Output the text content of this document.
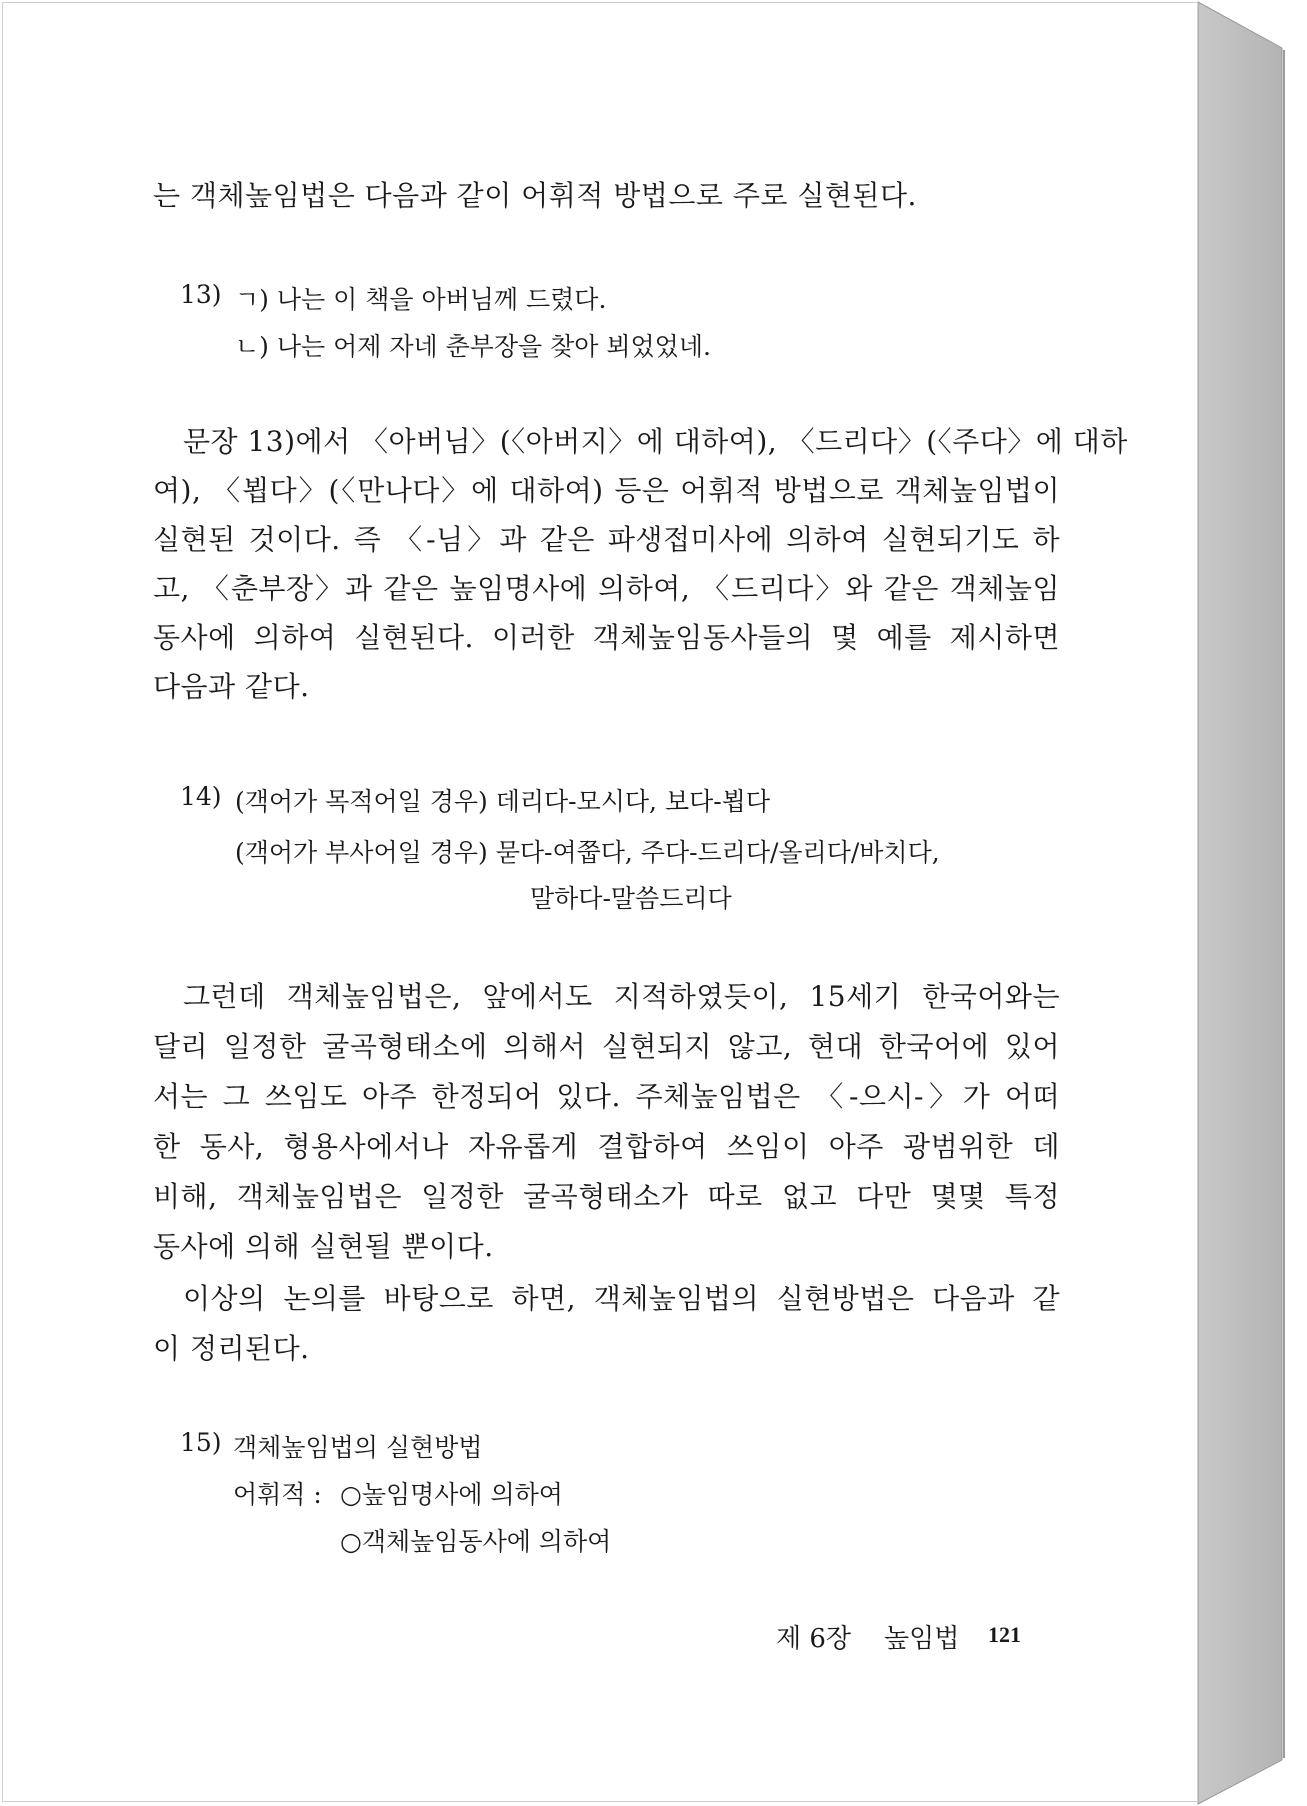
는 객체높임법은 다음과 같이 어휘적 방법으로 주로 실현된다.
13) ㄱ) 나는 이 책을 아버님께 드렸다.
ㄴ) 나는 어제 자네 춘부장을 찾아 뵈었었네.
문장 13)에서 〈아버님〉(〈아버지〉에 대하여), 〈드리다〉(〈주다〉에 대하
여), 〈뵙다〉(〈만나다〉에 대하여) 등은 어휘적 방법으로 객체높임법이
실현된 것이다. 즉 〈-님〉과 같은 파생접미사에 의하여 실현되기도 하
고, 〈춘부장〉과 같은 높임명사에 의하여, 〈드리다〉와 같은 객체높임
동사에 의하여 실현된다. 이러한 객체높임동사들의 몇 예를 제시하면
다음과 같다.
14) (객어가 목적어일 경우) 데리다-모시다, 보다-뵙다
(객어가 부사어일 경우) 묻다-여쭙다, 주다-드리다/올리다/바치다,
말하다-말씀드리다
그런데 객체높임법은, 앞에서도 지적하였듯이, 15세기 한국어와는
달리 일정한 굴곡형태소에 의해서 실현되지 않고, 현대 한국어에 있어
서는 그 쓰임도 아주 한정되어 있다. 주체높임법은 〈-으시-〉가 어떠
한 동사, 형용사에서나 자유롭게 결합하여 쓰임이 아주 광범위한 데
비해, 객체높임법은 일정한 굴곡형태소가 따로 없고 다만 몇몇 특정
동사에 의해 실현될 뿐이다.
이상의 논의를 바탕으로 하면, 객체높임법의 실현방법은 다음과 같
이 정리된다.
15) 객체높임법의 실현방법
어휘적 : ○높임명사에 의하여
○객체높임동사에 의하여
제 6장 높임법 121
